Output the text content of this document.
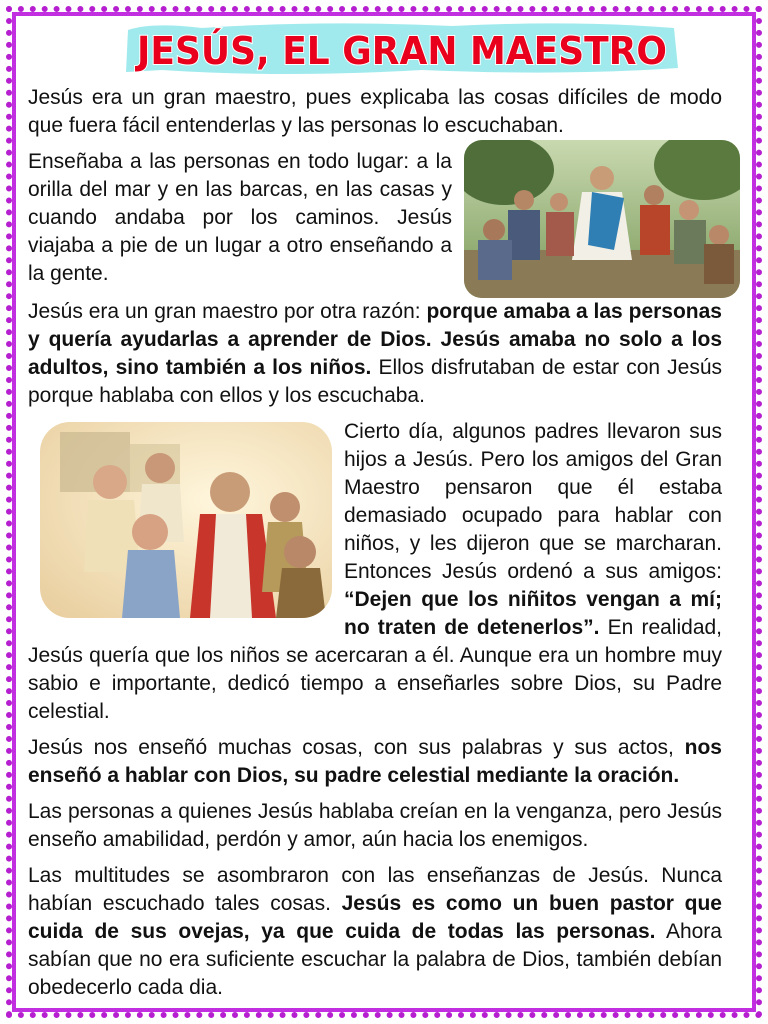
JESÚS, EL GRAN MAESTRO

Jesús era un gran maestro, pues explicaba las cosas difíciles de modo que fuera fácil entenderlas y las personas lo escuchaban.

Enseñaba a las personas en todo lugar: a la orilla del mar y en las barcas, en las casas y cuando andaba por los caminos. Jesús viajaba a pie de un lugar a otro enseñando a la gente.

Jesús era un gran maestro por otra razón: porque amaba a las personas y quería ayudarlas a aprender de Dios. Jesús amaba no solo a los adultos, sino también a los niños. Ellos disfrutaban de estar con Jesús porque hablaba con ellos y los escuchaba.

Cierto día, algunos padres llevaron sus hijos a Jesús. Pero los amigos del Gran Maestro pensaron que él estaba demasiado ocupado para hablar con niños, y les dijeron que se marcharan. Entonces Jesús ordenó a sus amigos: “Dejen que los niñitos vengan a mí; no traten de detenerlos”. En realidad, Jesús quería que los niños se acercaran a él. Aunque era un hombre muy sabio e importante, dedicó tiempo a enseñarles sobre Dios, su Padre celestial.

Jesús nos enseñó muchas cosas, con sus palabras y sus actos, nos enseñó a hablar con Dios, su padre celestial mediante la oración.

Las personas a quienes Jesús hablaba creían en la venganza, pero Jesús enseño amabilidad, perdón y amor, aún hacia los enemigos.

Las multitudes se asombraron con las enseñanzas de Jesús. Nunca habían escuchado tales cosas. Jesús es como un buen pastor que cuida de sus ovejas, ya que cuida de todas las personas. Ahora sabían que no era suficiente escuchar la palabra de Dios, también debían obedecerlo cada dia.
